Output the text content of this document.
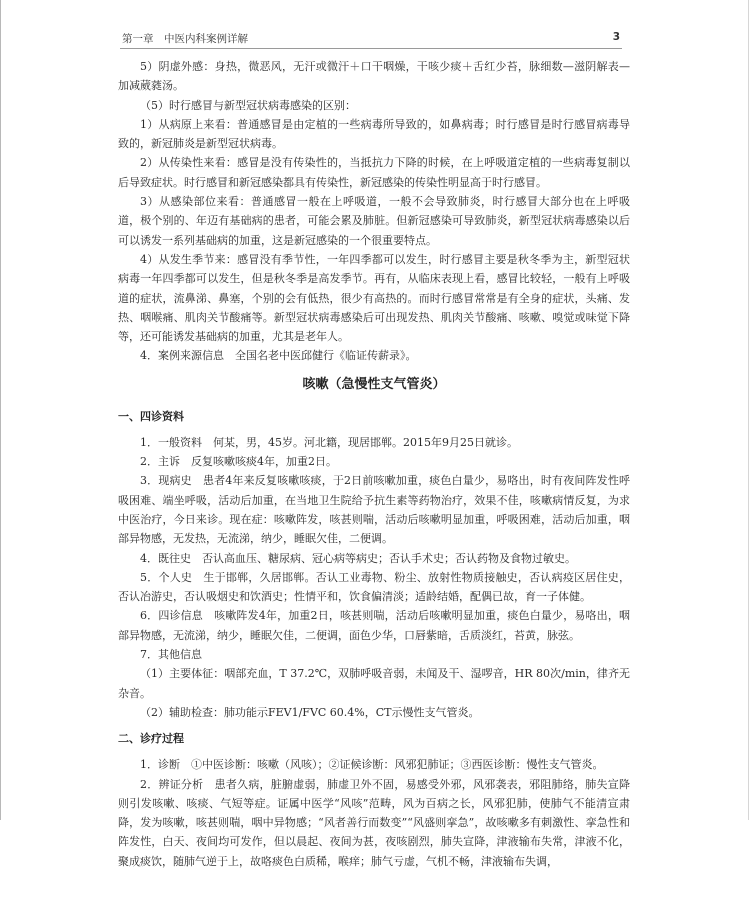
第一章　中医内科案例详解	3

5）阴虚外感：身热，微恶风，无汗或微汗＋口干咽燥，干咳少痰＋舌红少苔，脉细数—滋阴解表—加减葳蕤汤。

（5）时行感冒与新型冠状病毒感染的区别：

1）从病原上来看：普通感冒是由定植的一些病毒所导致的，如鼻病毒；时行感冒是时行感冒病毒导致的，新冠肺炎是新型冠状病毒。

2）从传染性来看：感冒是没有传染性的，当抵抗力下降的时候，在上呼吸道定植的一些病毒复制以后导致症状。时行感冒和新冠感染都具有传染性，新冠感染的传染性明显高于时行感冒。

3）从感染部位来看：普通感冒一般在上呼吸道，一般不会导致肺炎，时行感冒大部分也在上呼吸道，极个别的、年迈有基础病的患者，可能会累及肺脏。但新冠感染可导致肺炎，新型冠状病毒感染以后可以诱发一系列基础病的加重，这是新冠感染的一个很重要特点。

4）从发生季节来：感冒没有季节性，一年四季都可以发生，时行感冒主要是秋冬季为主，新型冠状病毒一年四季都可以发生，但是秋冬季是高发季节。再有，从临床表现上看，感冒比较轻，一般有上呼吸道的症状，流鼻涕、鼻塞，个别的会有低热，很少有高热的。而时行感冒常常是有全身的症状，头痛、发热、咽喉痛、肌肉关节酸痛等。新型冠状病毒感染后可出现发热、肌肉关节酸痛、咳嗽、嗅觉或味觉下降等，还可能诱发基础病的加重，尤其是老年人。

4．案例来源信息　全国名老中医邱健行《临证传薪录》。

咳嗽（急慢性支气管炎）
一、四诊资料

1．一般资料　何某，男，45岁。河北籍，现居邯郸。2015年9月25日就诊。

2．主诉　反复咳嗽咳痰4年，加重2日。

3．现病史　患者4年来反复咳嗽咳痰，于2日前咳嗽加重，痰色白量少，易咯出，时有夜间阵发性呼吸困难、端坐呼吸，活动后加重，在当地卫生院给予抗生素等药物治疗，效果不佳，咳嗽病情反复，为求中医治疗，今日来诊。现在症：咳嗽阵发，咳甚则喘，活动后咳嗽明显加重，呼吸困难，活动后加重，咽部异物感，无发热，无流涕，纳少，睡眠欠佳，二便调。

4．既往史　否认高血压、糖尿病、冠心病等病史；否认手术史；否认药物及食物过敏史。

5．个人史　生于邯郸，久居邯郸。否认工业毒物、粉尘、放射性物质接触史，否认病疫区居住史，否认冶游史，否认吸烟史和饮酒史；性情平和，饮食偏清淡；适龄结婚，配偶已故，育一子体健。

6．四诊信息　咳嗽阵发4年，加重2日，咳甚则喘，活动后咳嗽明显加重，痰色白量少，易咯出，咽部异物感，无流涕，纳少，睡眠欠佳，二便调，面色少华，口唇紫暗，舌质淡红，苔黄，脉弦。

7．其他信息

（1）主要体征：咽部充血，T 37.2℃，双肺呼吸音弱，未闻及干、湿啰音，HR 80次/min，律齐无杂音。

（2）辅助检查：肺功能示FEV1/FVC 60.4%，CT示慢性支气管炎。

二、诊疗过程

1．诊断　①中医诊断：咳嗽（风咳）；②证候诊断：风邪犯肺证；③西医诊断：慢性支气管炎。

2．辨证分析　患者久病，脏腑虚弱，肺虚卫外不固，易感受外邪，风邪袭表，邪阻肺络，肺失宣降则引发咳嗽、咳痰、气短等症。证属中医学“风咳”范畴，风为百病之长，风邪犯肺，使肺气不能清宣肃降，发为咳嗽，咳甚则喘，咽中异物感；“风者善行而数变”“风盛则挛急”，故咳嗽多有刺激性、挛急性和阵发性，白天、夜间均可发作，但以晨起、夜间为甚，夜咳剧烈，肺失宣降，津液输布失常，津液不化，聚成痰饮，随肺气逆于上，故咯痰色白质稀，喉痒；肺气亏虚，气机不畅，津液输布失调，
